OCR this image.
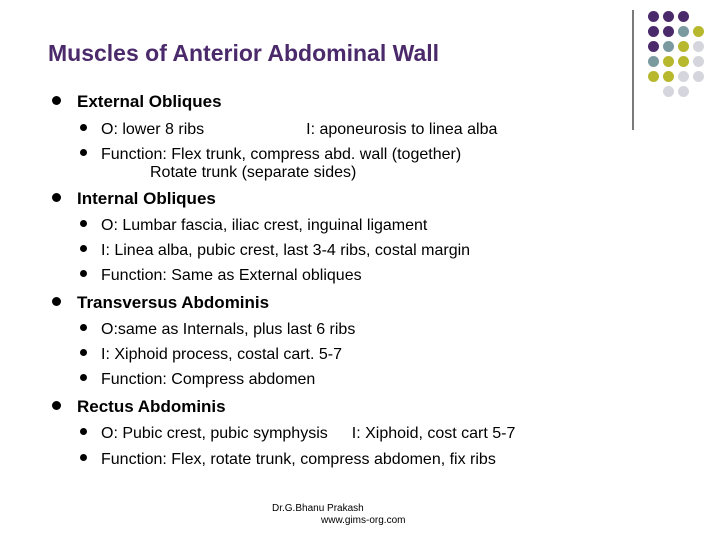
Muscles of Anterior Abdominal Wall
External Obliques
O: lower 8 ribs	I: aponeurosis to linea alba
Function: Flex trunk, compress abd. wall (together)
Rotate trunk (separate sides)
Internal Obliques
O: Lumbar fascia, iliac crest, inguinal ligament
I: Linea alba, pubic crest, last 3-4 ribs, costal margin
Function: Same as External obliques
Transversus Abdominis
O:same as Internals, plus last 6 ribs
I: Xiphoid process, costal cart. 5-7
Function: Compress abdomen
Rectus Abdominis
O: Pubic crest, pubic symphysis I: Xiphoid, cost cart 5-7
Function: Flex, rotate trunk, compress abdomen, fix ribs
Dr.G.Bhanu Prakash
www.gims-org.com
